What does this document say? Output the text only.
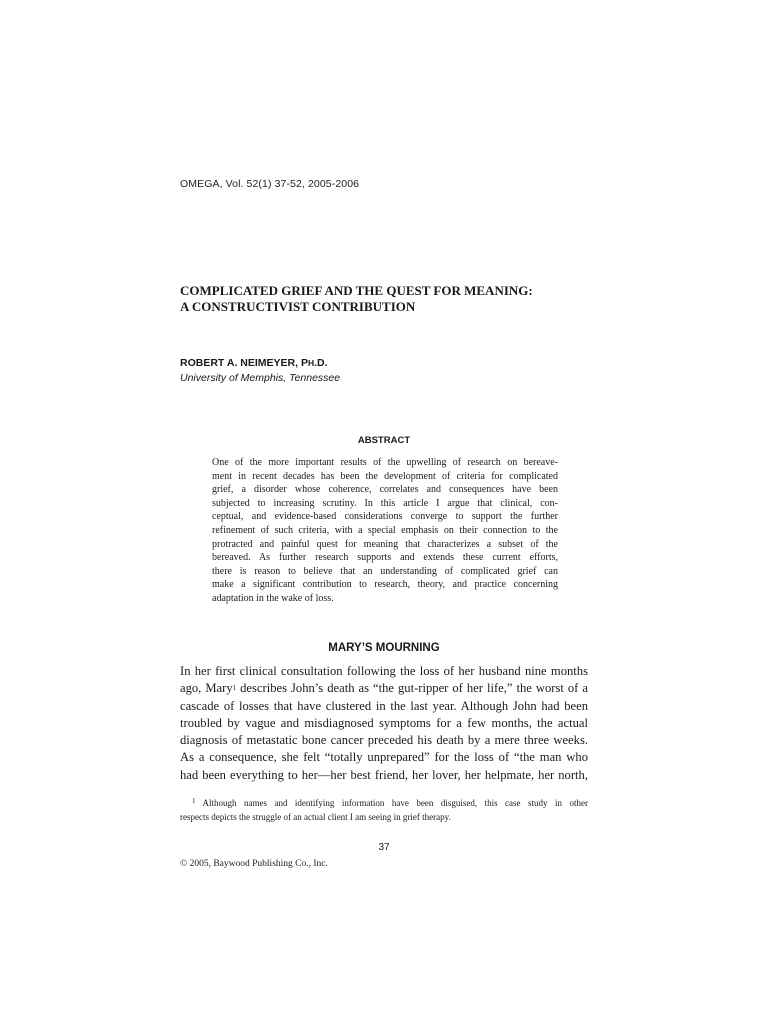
OMEGA, Vol. 52(1) 37-52, 2005-2006
COMPLICATED GRIEF AND THE QUEST FOR MEANING:
A CONSTRUCTIVIST CONTRIBUTION
ROBERT A. NEIMEYER, PH.D.
University of Memphis, Tennessee
ABSTRACT
One of the more important results of the upwelling of research on bereave-
ment in recent decades has been the development of criteria for complicated
grief, a disorder whose coherence, correlates and consequences have been
subjected to increasing scrutiny. In this article I argue that clinical, con-
ceptual, and evidence-based considerations converge to support the further
refinement of such criteria, with a special emphasis on their connection to the
protracted and painful quest for meaning that characterizes a subset of the
bereaved. As further research supports and extends these current efforts,
there is reason to believe that an understanding of complicated grief can
make a significant contribution to research, theory, and practice concerning
adaptation in the wake of loss.
MARY’S MOURNING
In her first clinical consultation following the loss of her husband nine months
ago, Mary$^1$ describes John’s death as “the gut-ripper of her life,” the worst of a
cascade of losses that have clustered in the last year. Although John had been
troubled by vague and misdiagnosed symptoms for a few months, the actual
diagnosis of metastatic bone cancer preceded his death by a mere three weeks.
As a consequence, she felt “totally unprepared” for the loss of “the man who
had been everything to her—her best friend, her lover, her helpmate, her north,
$^1$ Although names and identifying information have been disguised, this case study in other
respects depicts the struggle of an actual client I am seeing in grief therapy.
37
© 2005, Baywood Publishing Co., Inc.
